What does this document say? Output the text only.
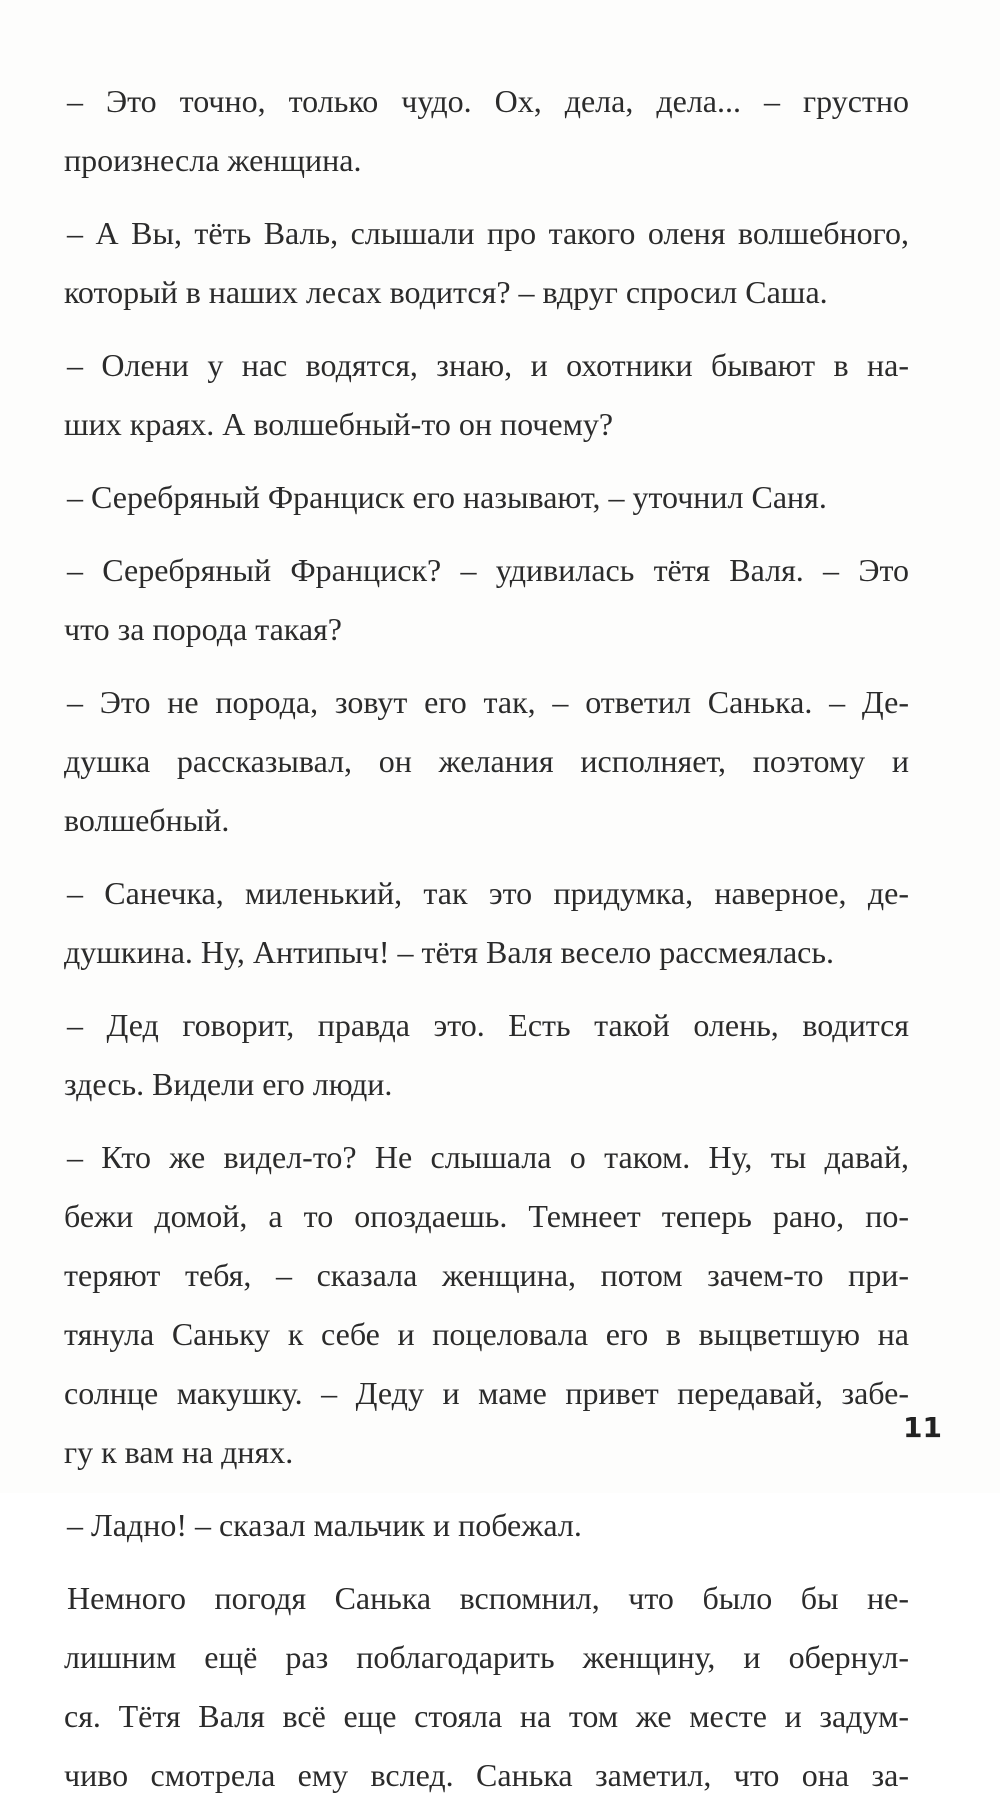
– Это точно, только чудо. Ох, дела, дела... – грустно
произнесла женщина.
– А Вы, тёть Валь, слышали про такого оленя волшебного,
который в наших лесах водится? – вдруг спросил Саша.
– Олени у нас водятся, знаю, и охотники бывают в на-
ших краях. А волшебный-то он почему?
– Серебряный Франциск его называют, – уточнил Саня.
– Серебряный Франциск? – удивилась тётя Валя. – Это
что за порода такая?
– Это не порода, зовут его так, – ответил Санька. – Де-
душка рассказывал, он желания исполняет, поэтому и
волшебный.
– Санечка, миленький, так это придумка, наверное, де-
душкина. Ну, Антипыч! – тётя Валя весело рассмеялась.
– Дед говорит, правда это. Есть такой олень, водится
здесь. Видели его люди.
– Кто же видел-то? Не слышала о таком. Ну, ты давай,
бежи домой, а то опоздаешь. Темнеет теперь рано, по-
теряют тебя, – сказала женщина, потом зачем-то при-
тянула Саньку к себе и поцеловала его в выцветшую на
солнце макушку. – Деду и маме привет передавай, забе-
гу к вам на днях.
– Ладно! – сказал мальчик и побежал.
Немного погодя Санька вспомнил, что было бы не-
лишним ещё раз поблагодарить женщину, и обернул-
ся. Тётя Валя всё еще стояла на том же месте и задум-
чиво смотрела ему вслед. Санька заметил, что она за-
11
